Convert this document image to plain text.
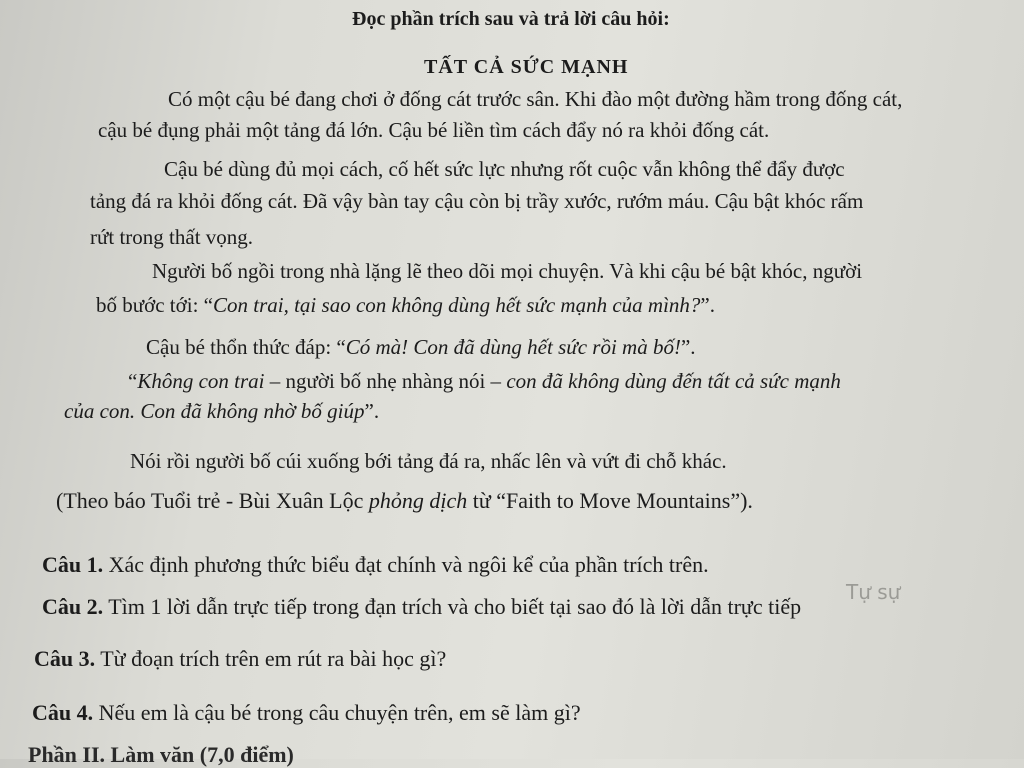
Đọc phần trích sau và trả lời câu hỏi:
TẤT CẢ SỨC MẠNH
Có một cậu bé đang chơi ở đống cát trước sân. Khi đào một đường hầm trong đống cát,
cậu bé đụng phải một tảng đá lớn. Cậu bé liền tìm cách đẩy nó ra khỏi đống cát.
Cậu bé dùng đủ mọi cách, cố hết sức lực nhưng rốt cuộc vẫn không thể đẩy được
tảng đá ra khỏi đống cát. Đã vậy bàn tay cậu còn bị trầy xước, rướm máu. Cậu bật khóc rấm
rứt trong thất vọng.
Người bố ngồi trong nhà lặng lẽ theo dõi mọi chuyện. Và khi cậu bé bật khóc, người
bố bước tới: “Con trai, tại sao con không dùng hết sức mạnh của mình?”.
Cậu bé thổn thức đáp: “Có mà! Con đã dùng hết sức rồi mà bố!”.
“Không con trai – người bố nhẹ nhàng nói – con đã không dùng đến tất cả sức mạnh
của con. Con đã không nhờ bố giúp”.
Nói rồi người bố cúi xuống bới tảng đá ra, nhấc lên và vứt đi chỗ khác.
(Theo báo Tuổi trẻ - Bùi Xuân Lộc phỏng dịch từ “Faith to Move Mountains”).
Câu 1. Xác định phương thức biểu đạt chính và ngôi kể của phần trích trên.
Tự sự
Câu 2. Tìm 1 lời dẫn trực tiếp trong đạn trích và cho biết tại sao đó là lời dẫn trực tiếp
Câu 3. Từ đoạn trích trên em rút ra bài học gì?
Câu 4. Nếu em là cậu bé trong câu chuyện trên, em sẽ làm gì?
Phần II. Làm văn (7,0 điểm)
